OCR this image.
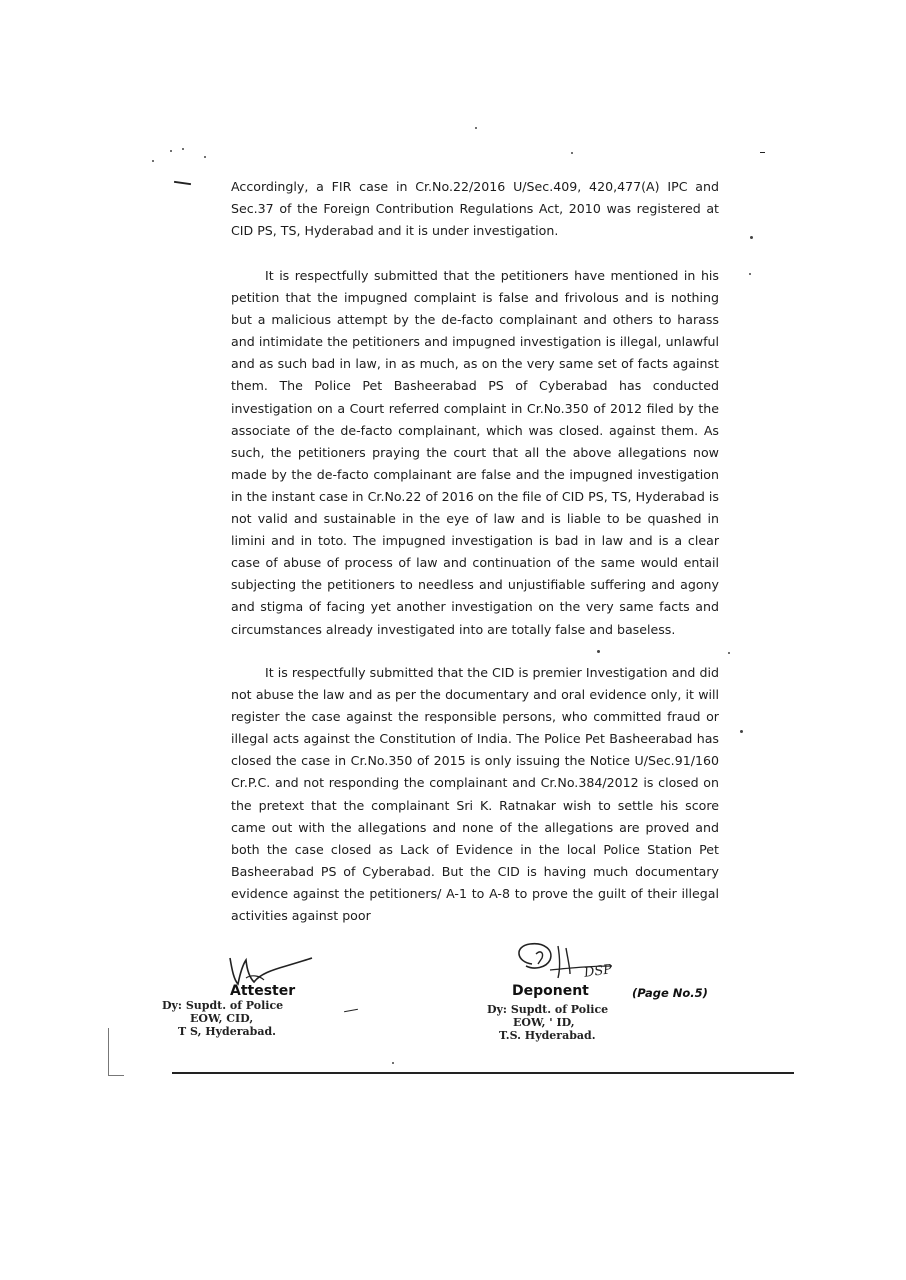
Accordingly, a FIR case in Cr.No.22/2016 U/Sec.409, 420,477(A) IPC and Sec.37 of the Foreign Contribution Regulations Act, 2010 was registered at CID PS, TS, Hyderabad and it is under investigation.

It is respectfully submitted that the petitioners have mentioned in his petition that the impugned complaint is false and frivolous and is nothing but a malicious attempt by the de-facto complainant and others to harass and intimidate the petitioners and impugned investigation is illegal, unlawful and as such bad in law, in as much, as on the very same set of facts against them. The Police Pet Basheerabad PS of Cyberabad has conducted investigation on a Court referred complaint in Cr.No.350 of 2012 filed by the associate of the de-facto complainant, which was closed. against them. As such, the petitioners praying the court that all the above allegations now made by the de-facto complainant are false and the impugned investigation in the instant case in Cr.No.22 of 2016 on the file of CID PS, TS, Hyderabad is not valid and sustainable in the eye of law and is liable to be quashed in limini and in toto. The impugned investigation is bad in law and is a clear case of abuse of process of law and continuation of the same would entail subjecting the petitioners to needless and unjustifiable suffering and agony and stigma of facing yet another investigation on the very same facts and circumstances already investigated into are totally false and baseless.

It is respectfully submitted that the CID is premier Investigation and did not abuse the law and as per the documentary and oral evidence only, it will register the case against the responsible persons, who committed fraud or illegal acts against the Constitution of India. The Police Pet Basheerabad has closed the case in Cr.No.350 of 2015 is only issuing the Notice U/Sec.91/160 Cr.P.C. and not responding the complainant and Cr.No.384/2012 is closed on the pretext that the complainant Sri K. Ratnakar wish to settle his score came out with the allegations and none of the allegations are proved and both the case closed as Lack of Evidence in the local Police Station Pet Basheerabad PS of Cyberabad. But the CID is having much documentary evidence against the petitioners/ A-1 to A-8 to prove the guilt of their illegal activities against poor

Attester
Dy: Supdt. of Police
EOW, CID,
T S, Hyderabad.
DSP
Deponent
Dy: Supdt. of Police
EOW, ' ID,
T.S. Hyderabad.
(Page No.5)
